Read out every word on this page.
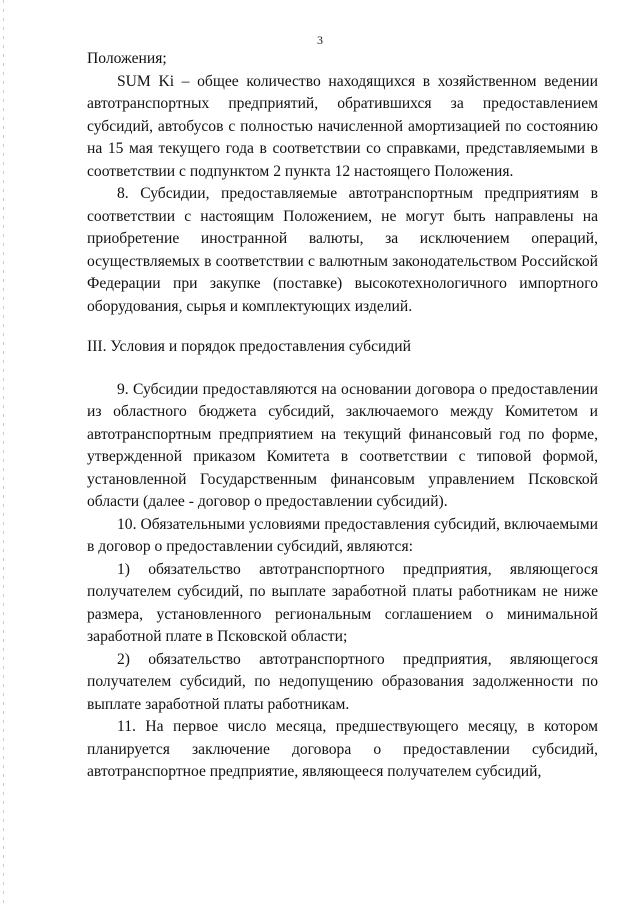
3

Положения;

SUM Ki – общее количество находящихся в хозяйственном ведении автотранспортных предприятий, обратившихся за предоставлением субсидий, автобусов с полностью начисленной амортизацией по состоянию на 15 мая текущего года в соответствии со справками, представляемыми в соответствии с подпунктом 2 пункта 12 настоящего Положения.

8. Субсидии, предоставляемые автотранспортным предприятиям в соответствии с настоящим Положением, не могут быть направлены на приобретение иностранной валюты, за исключением операций, осуществляемых в соответствии с валютным законодательством Российской Федерации при закупке (поставке) высокотехнологичного импортного оборудования, сырья и комплектующих изделий.

III. Условия и порядок предоставления субсидий

9. Субсидии предоставляются на основании договора о предоставлении из областного бюджета субсидий, заключаемого между Комитетом и автотранспортным предприятием на текущий финансовый год по форме, утвержденной приказом Комитета в соответствии с типовой формой, установленной Государственным финансовым управлением Псковской области (далее - договор о предоставлении субсидий).

10. Обязательными условиями предоставления субсидий, включаемыми в договор о предоставлении субсидий, являются:

1) обязательство автотранспортного предприятия, являющегося получателем субсидий, по выплате заработной платы работникам не ниже размера, установленного региональным соглашением о минимальной заработной плате в Псковской области;

2) обязательство автотранспортного предприятия, являющегося получателем субсидий, по недопущению образования задолженности по выплате заработной платы работникам.

11. На первое число месяца, предшествующего месяцу, в котором планируется заключение договора о предоставлении субсидий, автотранспортное предприятие, являющееся получателем субсидий,
